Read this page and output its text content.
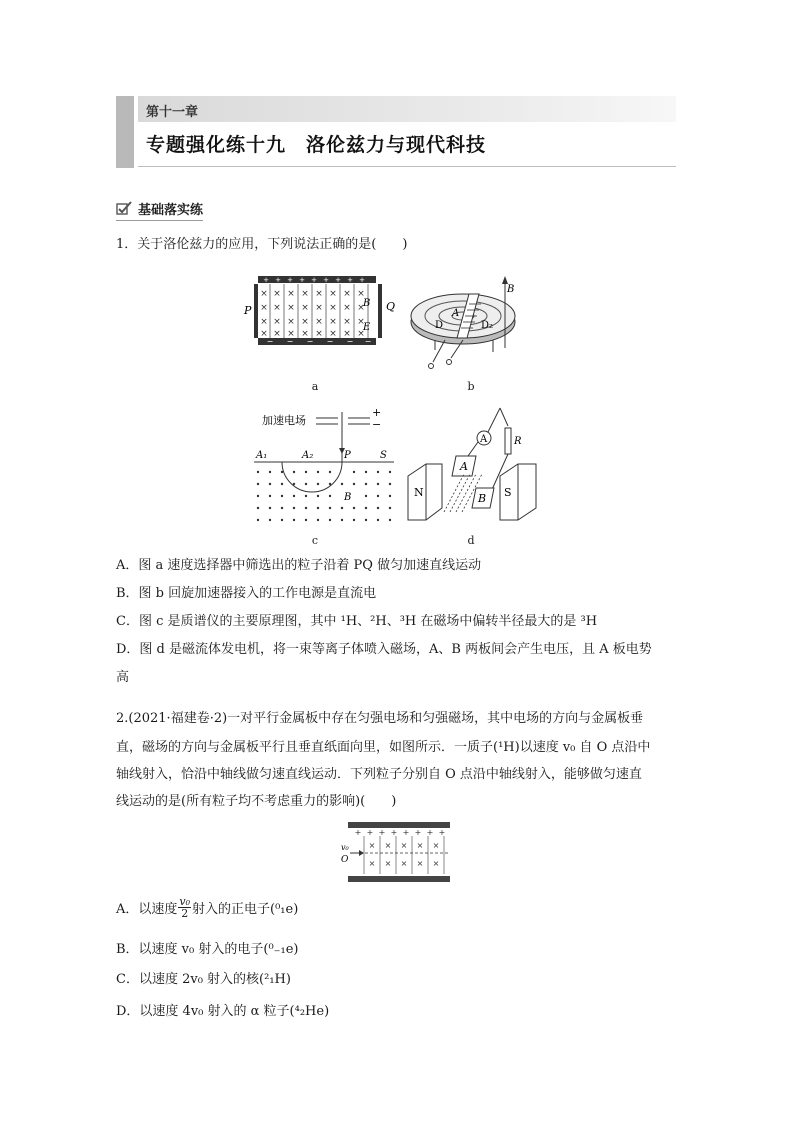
第十一章
专题强化练十九　洛伦兹力与现代科技
基础落实练
1．关于洛伦兹力的应用，下列说法正确的是(　　)
+ + + + + + + + +
× × × × × × × ×
× × × × × × × ×
× × × × × × × ×
× × × × × × × ×
− − − − − −
P	Q
B
E
a
B
A
D	D₂
b
加速电场
+
−
A₁	A₂	P	S
B
c
A	R
A
B
N	S
d
A．图 a 速度选择器中筛选出的粒子沿着 PQ 做匀加速直线运动
B．图 b 回旋加速器接入的工作电源是直流电
C．图 c 是质谱仪的主要原理图，其中 ¹H、²H、³H 在磁场中偏转半径最大的是 ³H
D．图 d 是磁流体发电机，将一束等离子体喷入磁场，A、B 两板间会产生电压，且 A 板电势
高
2.(2021·福建卷·2)一对平行金属板中存在匀强电场和匀强磁场，其中电场的方向与金属板垂
直，磁场的方向与金属板平行且垂直纸面向里，如图所示．一质子(¹H)以速度 v₀ 自 O 点沿中
轴线射入，恰沿中轴线做匀速直线运动．下列粒子分别自 O 点沿中轴线射入，能够做匀速直
线运动的是(所有粒子均不考虑重力的影响)(　　)
+ + + + + + + +
× × × × ×
× × × × ×
v₀
O
A．以速度 $\frac{\text{v₀}}{2}$ 射入的正电子(⁰₁e)
B．以速度 v₀ 射入的电子(⁰₋₁e)
C．以速度 2v₀ 射入的核(²₁H)
D．以速度 4v₀ 射入的 α 粒子(⁴₂He)
